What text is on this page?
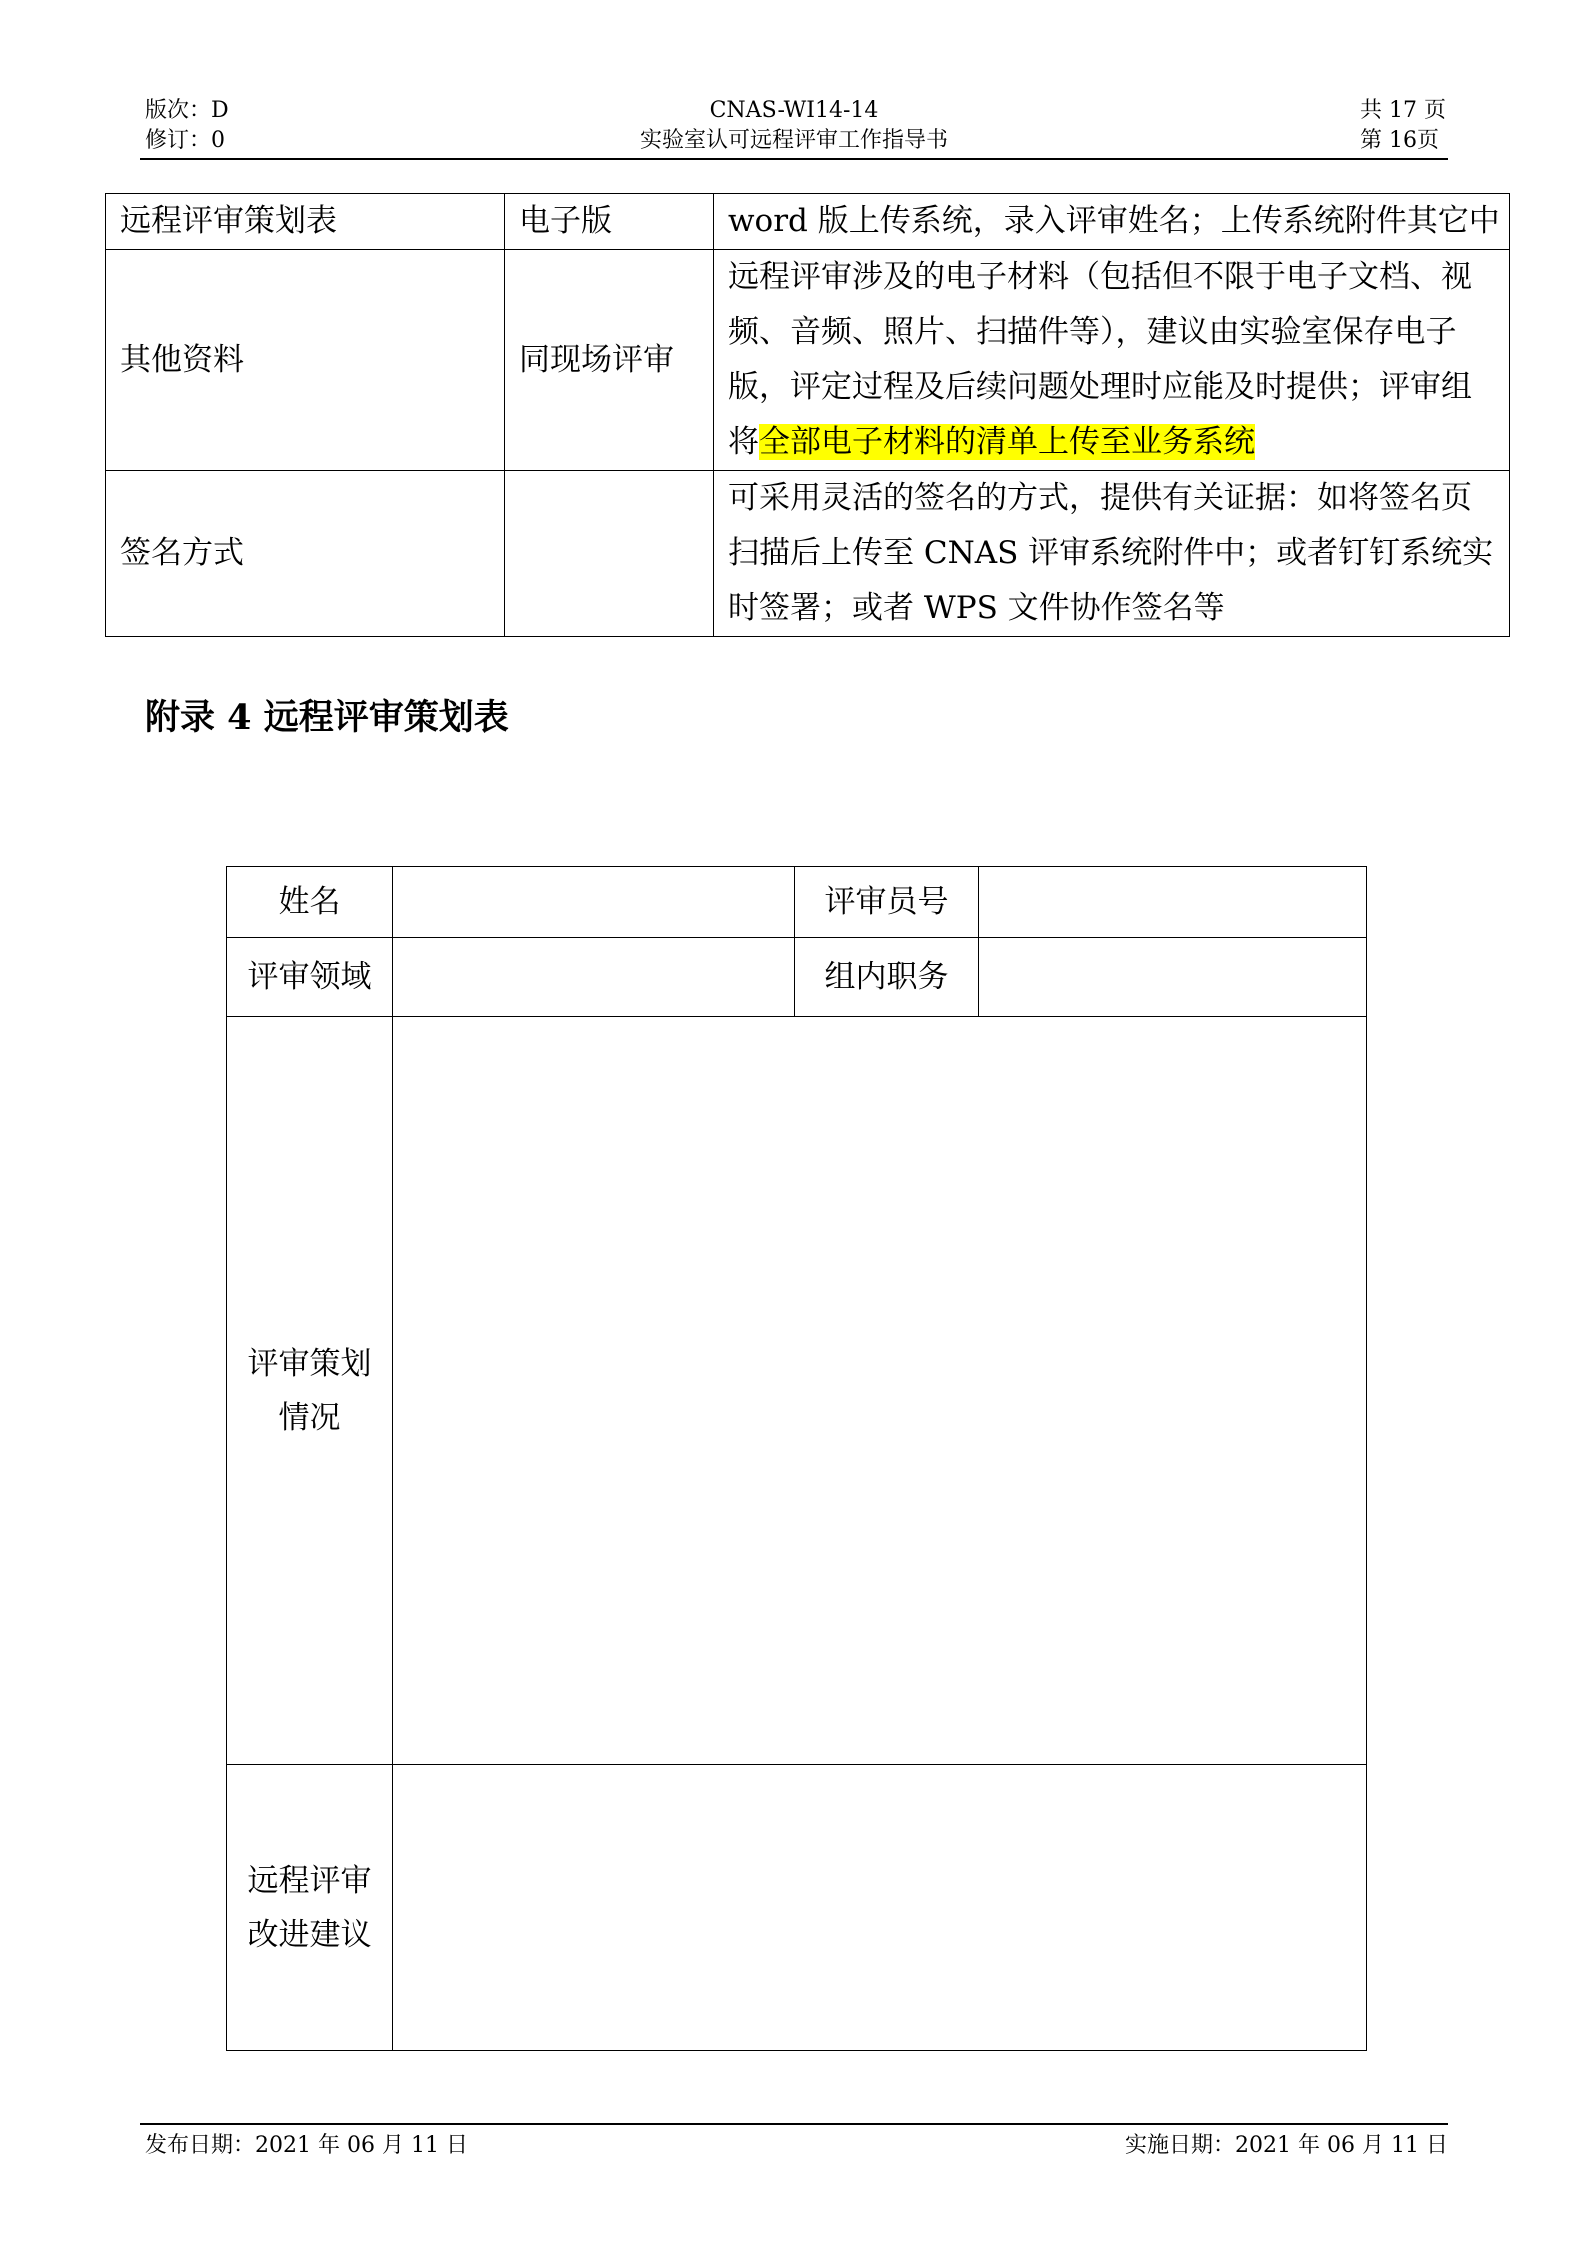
版次：D
修订：0
CNAS-WI14-14
实验室认可远程评审工作指导书
共 17 页
第 16页
远程评审策划表	电子版	word 版上传系统，录入评审姓名；上传系统附件其它中
其他资料	同现场评审	远程评审涉及的电子材料（包括但不限于电子文档、视
频、音频、照片、扫描件等），建议由实验室保存电子
版，评定过程及后续问题处理时应能及时提供；评审组
将全部电子材料的清单上传至业务系统

签名方式		可采用灵活的签名的方式，提供有关证据：如将签名页
扫描后上传至 CNAS 评审系统附件中；或者钉钉系统实
时签署；或者 WPS 文件协作签名等
附录 4 远程评审策划表
姓名		评审员号	
评审领域		组内职务	

评审策划
情况			

远程评审
改进建议			

发布日期：2021 年 06 月 11 日	实施日期：2021 年 06 月 11 日
